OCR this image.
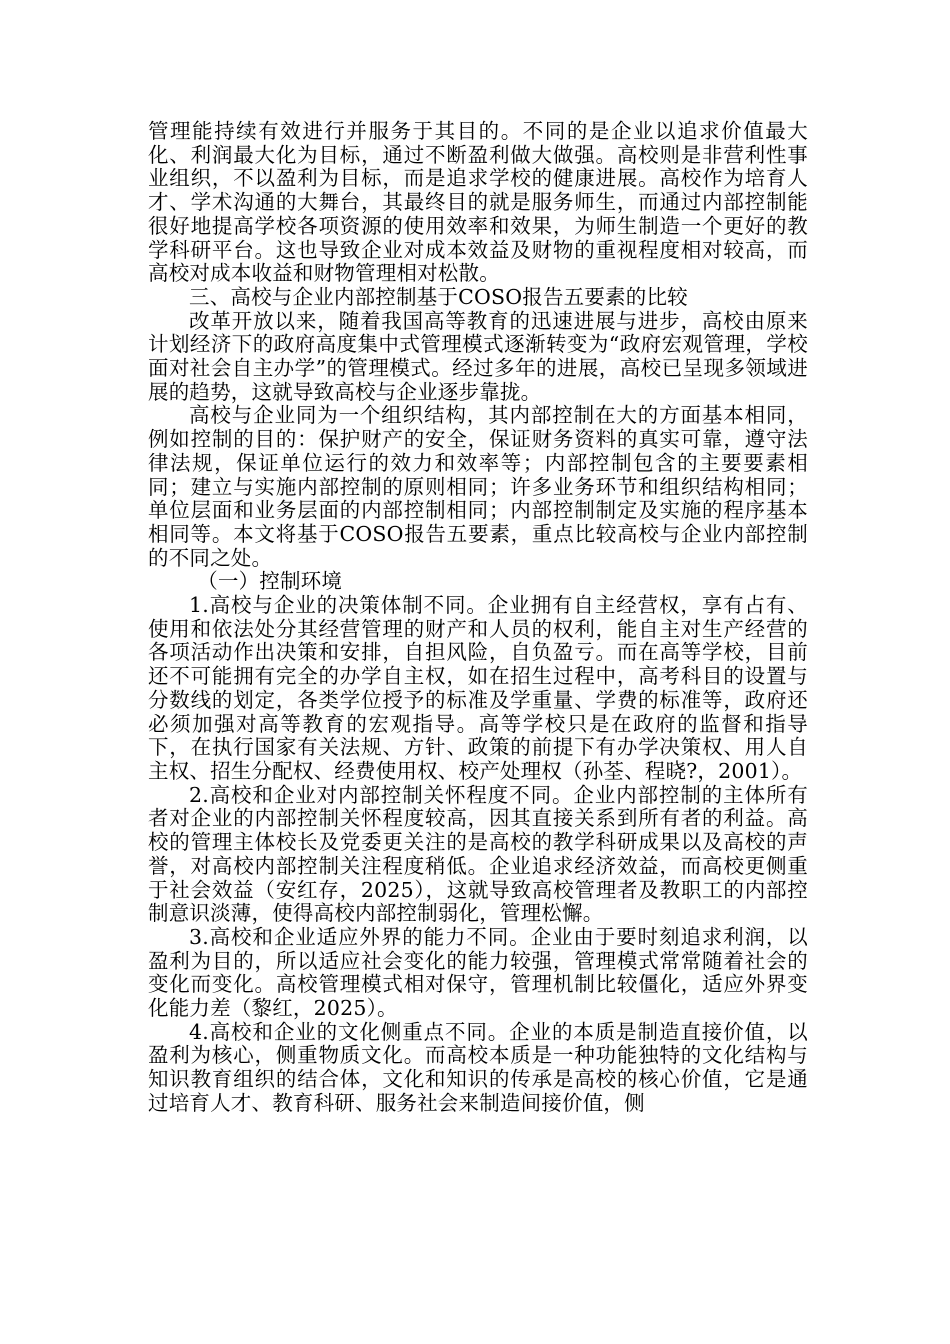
管理能持续有效进行并服务于其目的。不同的是企业以追求价值最大化、利润最大化为目标，通过不断盈利做大做强。高校则是非营利性事业组织，不以盈利为目标，而是追求学校的健康进展。高校作为培育人才、学术沟通的大舞台，其最终目的就是服务师生，而通过内部控制能很好地提高学校各项资源的使用效率和效果，为师生制造一个更好的教学科研平台。这也导致企业对成本效益及财物的重视程度相对较高，而高校对成本收益和财物管理相对松散。

三、高校与企业内部控制基于COSO报告五要素的比较

改革开放以来，随着我国高等教育的迅速进展与进步，高校由原来计划经济下的政府高度集中式管理模式逐渐转变为“政府宏观管理，学校面对社会自主办学”的管理模式。经过多年的进展，高校已呈现多领域进展的趋势，这就导致高校与企业逐步靠拢。

高校与企业同为一个组织结构，其内部控制在大的方面基本相同，例如控制的目的：保护财产的安全，保证财务资料的真实可靠，遵守法律法规，保证单位运行的效力和效率等；内部控制包含的主要要素相同；建立与实施内部控制的原则相同；许多业务环节和组织结构相同；单位层面和业务层面的内部控制相同；内部控制制定及实施的程序基本相同等。本文将基于COSO报告五要素，重点比较高校与企业内部控制的不同之处。

（一）控制环境

1.高校与企业的决策体制不同。企业拥有自主经营权，享有占有、使用和依法处分其经营管理的财产和人员的权利，能自主对生产经营的各项活动作出决策和安排，自担风险，自负盈亏。而在高等学校，目前还不可能拥有完全的办学自主权，如在招生过程中，高考科目的设置与分数线的划定，各类学位授予的标准及学重量、学费的标准等，政府还必须加强对高等教育的宏观指导。高等学校只是在政府的监督和指导下，在执行国家有关法规、方针、政策的前提下有办学决策权、用人自主权、招生分配权、经费使用权、校产处理权（孙荃、程晓?，2001）。

2.高校和企业对内部控制关怀程度不同。企业内部控制的主体所有者对企业的内部控制关怀程度较高，因其直接关系到所有者的利益。高校的管理主体校长及党委更关注的是高校的教学科研成果以及高校的声誉，对高校内部控制关注程度稍低。企业追求经济效益，而高校更侧重于社会效益（安红存，2025），这就导致高校管理者及教职工的内部控制意识淡薄，使得高校内部控制弱化，管理松懈。

3.高校和企业适应外界的能力不同。企业由于要时刻追求利润，以盈利为目的，所以适应社会变化的能力较强，管理模式常常随着社会的变化而变化。高校管理模式相对保守，管理机制比较僵化，适应外界变化能力差（黎红，2025）。

4.高校和企业的文化侧重点不同。企业的本质是制造直接价值，以盈利为核心，侧重物质文化。而高校本质是一种功能独特的文化结构与知识教育组织的结合体，文化和知识的传承是高校的核心价值，它是通过培育人才、教育科研、服务社会来制造间接价值，侧
